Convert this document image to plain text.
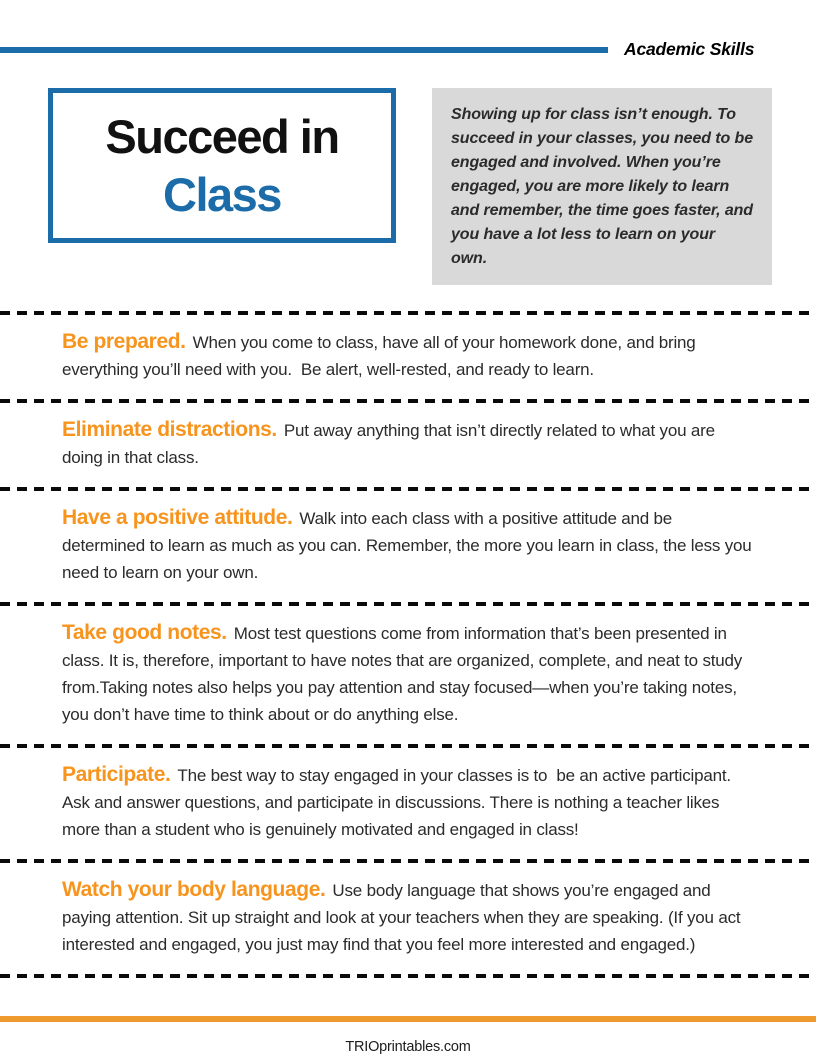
Academic Skills
Succeed in
Class

Showing up for class isn’t enough. To succeed in your classes, you need to be engaged and involved. When you’re engaged, you are more likely to learn and remember, the time goes faster, and you have a lot less to learn on your own.

Be prepared. When you come to class, have all of your homework done, and bring everything you’ll need with you.  Be alert, well-rested, and ready to learn.

Eliminate distractions. Put away anything that isn’t directly related to what you are doing in that class.

Have a positive attitude. Walk into each class with a positive attitude and be determined to learn as much as you can. Remember, the more you learn in class, the less you need to learn on your own.

Take good notes. Most test questions come from information that’s been presented in class. It is, therefore, important to have notes that are organized, complete, and neat to study from.Taking notes also helps you pay attention and stay focused—when you’re taking notes, you don’t have time to think about or do anything else.

Participate. The best way to stay engaged in your classes is to  be an active participant. Ask and answer questions, and participate in discussions. There is nothing a teacher likes more than a student who is genuinely motivated and engaged in class!

Watch your body language. Use body language that shows you’re engaged and paying attention. Sit up straight and look at your teachers when they are speaking. (If you act interested and engaged, you just may find that you feel more interested and engaged.)

TRIOprintables.com
